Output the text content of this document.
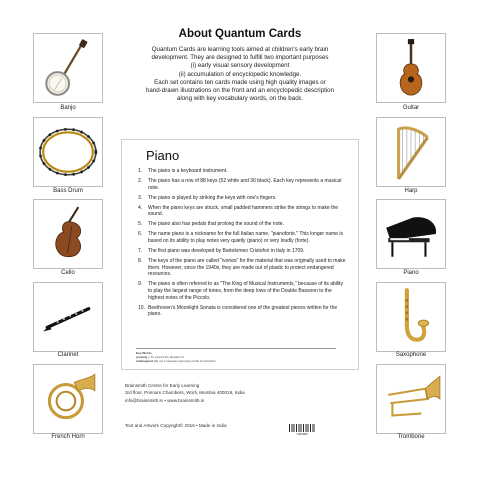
About Quantum Cards
Quantum Cards are learning tools aimed at children's early brain
development. They are designed to fulfill two important purposes
(i) early visual sensory development
(ii) accumulation of encyclopedic knowledge.
Each set contains ten cards made using high quality images or
hand-drawn illustrations on the front and an encyclopedic description
along with key vocabulary words, on the back.
Banjo
Bass Drum
Cello
Clarinet
French Horn
Guitar
Harp
Piano
Saxophone
Trombone
Piano
1.	The piano is a keyboard instrument.
2.	The piano has a row of 88 keys (52 white and 36 black). Each key represents a musical note.
3.	The piano is played by striking the keys with one's fingers.
4.	When the piano keys are struck, small padded hammers strike the strings to make the sound.
5.	The piano also has pedals that prolong the sound of the note.
6.	The name piano is a nickname for the full Italian name, "pianoforte." This longer name is based on its ability to play notes very quietly (piano) or very loudly (forte).
7.	The first piano was developed by Bartolomeo Cristofori in Italy in 1709.
8.	The keys of the piano are called "ivories" for the material that was originally used to make them. However, since the 1940s, they are made out of plastic to protect endangered resources.
9.	The piano is often referred to as "The King of Musical Instruments," because of its ability to play the largest range of tones, from the deep lows of the Double Bassoon to the highest notes of the Piccolo.
10. Beethoven's Moonlight Sonata is considered one of the greatest pieces written for the piano.
Key Words
prolong v. To extend the duration of
endangered adj. (of a species) seriously at risk of extinction
Brainsmith Centre for Early Learning
3rd floor, Ponnam Chambers, Worli, Mumbai 400018, India
info@brainsmith.in • www.brainsmith.in
Text and Artwork Copyright© 2016 • Made in India
7284685
